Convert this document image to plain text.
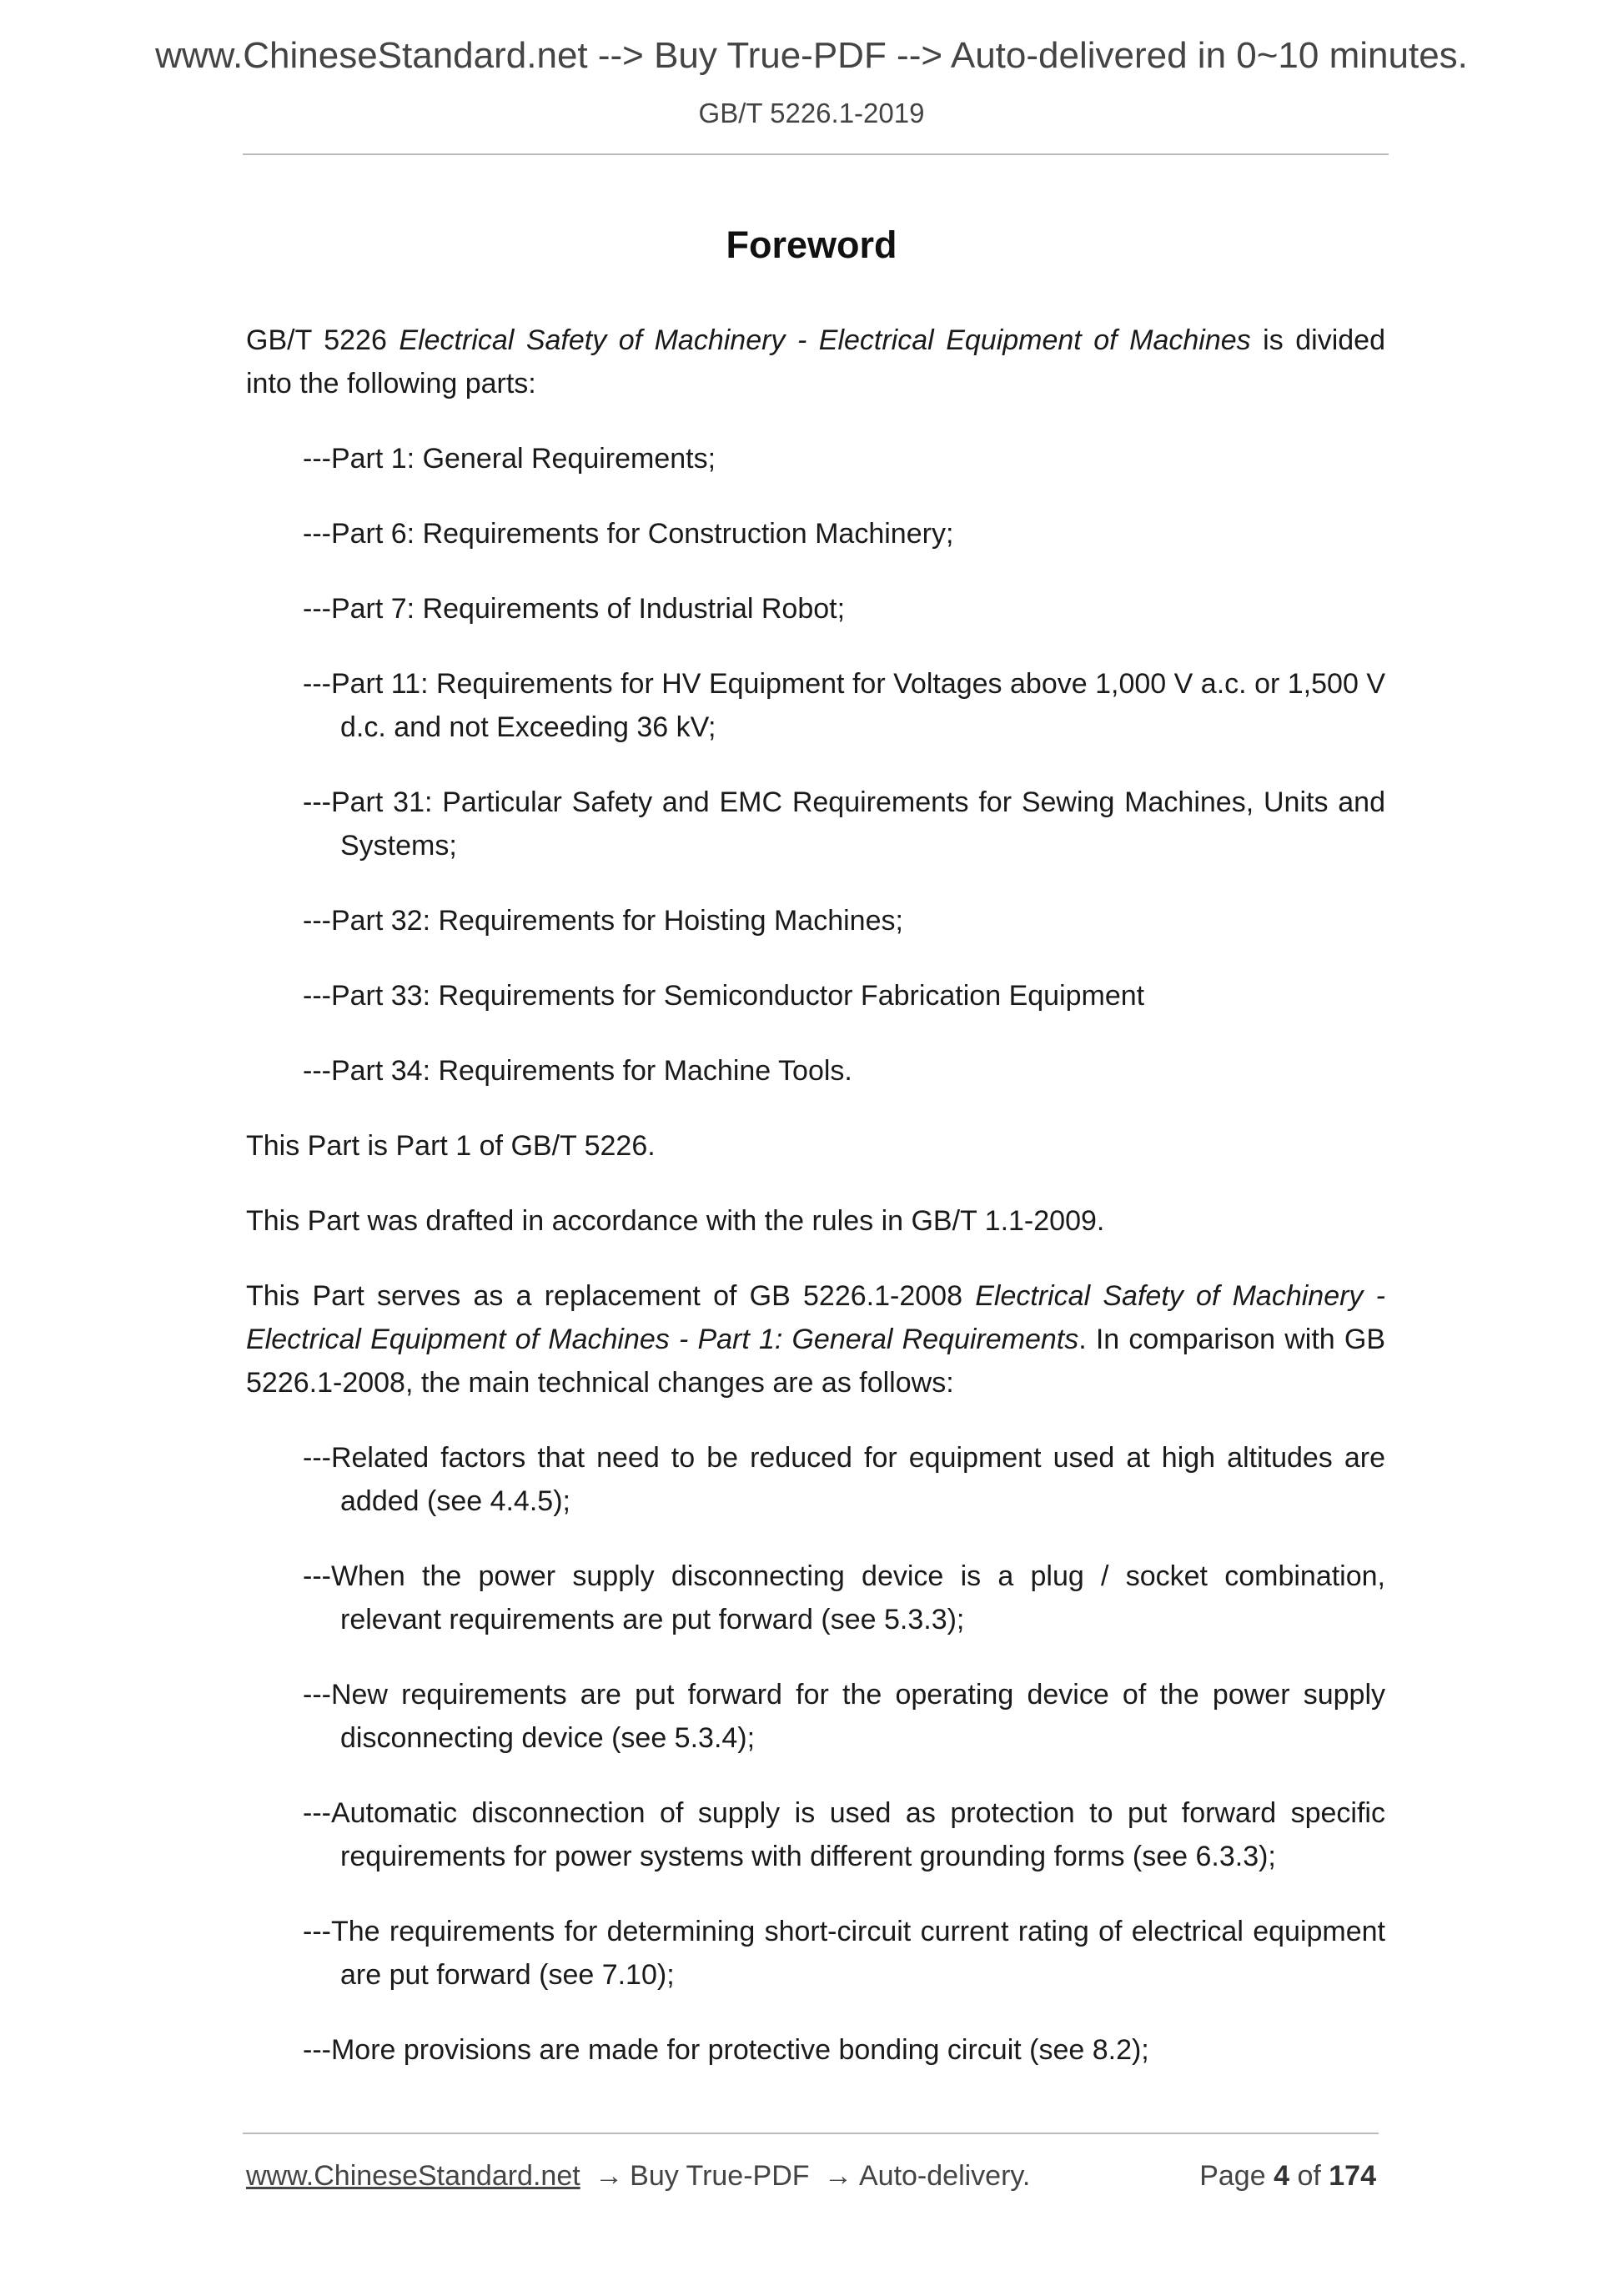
www.ChineseStandard.net --> Buy True-PDF --> Auto-delivered in 0~10 minutes.
GB/T 5226.1-2019
Foreword

GB/T 5226 Electrical Safety of Machinery - Electrical Equipment of Machines is divided into the following parts:

---Part 1: General Requirements;
---Part 6: Requirements for Construction Machinery;
---Part 7: Requirements of Industrial Robot;
---Part 11: Requirements for HV Equipment for Voltages above 1,000 V a.c. or 1,500 V d.c. and not Exceeding 36 kV;
---Part 31: Particular Safety and EMC Requirements for Sewing Machines, Units and Systems;
---Part 32: Requirements for Hoisting Machines;
---Part 33: Requirements for Semiconductor Fabrication Equipment
---Part 34: Requirements for Machine Tools.

This Part is Part 1 of GB/T 5226.

This Part was drafted in accordance with the rules in GB/T 1.1-2009.

This Part serves as a replacement of GB 5226.1-2008 Electrical Safety of Machinery - Electrical Equipment of Machines - Part 1: General Requirements. In comparison with GB 5226.1-2008, the main technical changes are as follows:

---Related factors that need to be reduced for equipment used at high altitudes are added (see 4.4.5);
---When the power supply disconnecting device is a plug / socket combination, relevant requirements are put forward (see 5.3.3);
---New requirements are put forward for the operating device of the power supply disconnecting device (see 5.3.4);
---Automatic disconnection of supply is used as protection to put forward specific requirements for power systems with different grounding forms (see 6.3.3);
---The requirements for determining short-circuit current rating of electrical equipment are put forward (see 7.10);
---More provisions are made for protective bonding circuit (see 8.2);
www.ChineseStandard.net → Buy True-PDF → Auto-delivery.	Page 4 of 174
